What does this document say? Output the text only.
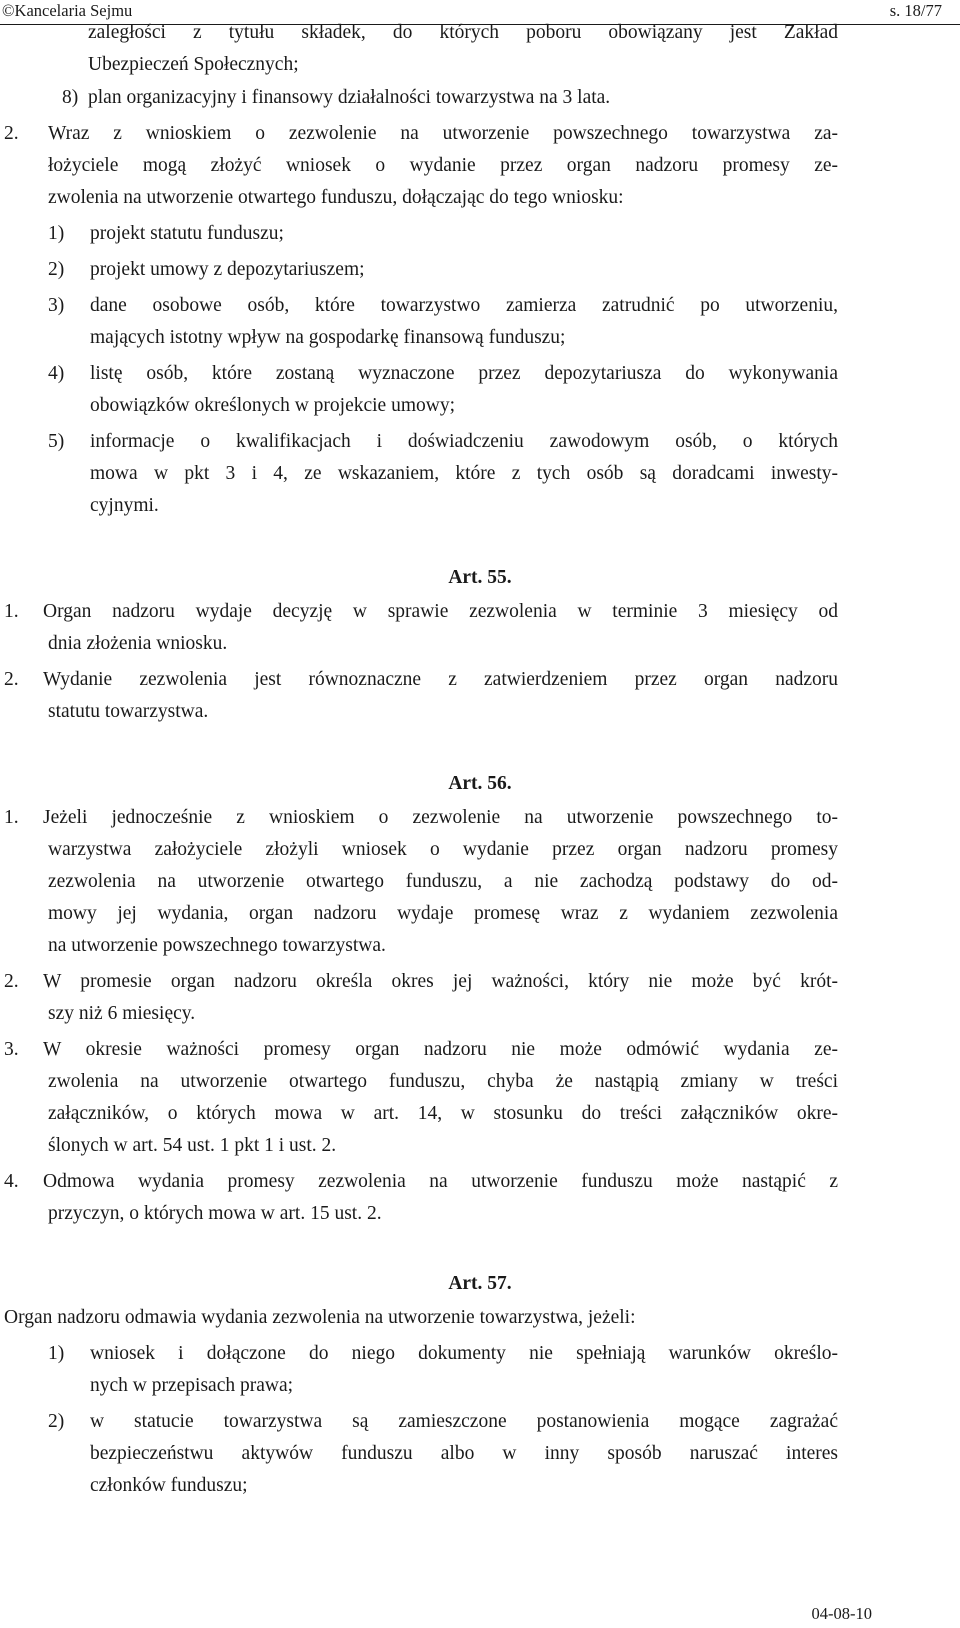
©Kancelaria Sejmu	s. 18/77
zaległości z tytułu składek, do których poboru obowiązany jest Zakład
Ubezpieczeń Społecznych;
8) plan organizacyjny i finansowy działalności towarzystwa na 3 lata.
2. Wraz z wnioskiem o zezwolenie na utworzenie powszechnego towarzystwa za-
łożyciele mogą złożyć wniosek o wydanie przez organ nadzoru promesy ze-
zwolenia na utworzenie otwartego funduszu, dołączając do tego wniosku:
1) projekt statutu funduszu;
2) projekt umowy z depozytariuszem;
3) dane osobowe osób, które towarzystwo zamierza zatrudnić po utworzeniu,
mających istotny wpływ na gospodarkę finansową funduszu;
4) listę osób, które zostaną wyznaczone przez depozytariusza do wykonywania
obowiązków określonych w projekcie umowy;
5) informacje o kwalifikacjach i doświadczeniu zawodowym osób, o których
mowa w pkt 3 i 4, ze wskazaniem, które z tych osób są doradcami inwesty-
cyjnymi.
Art. 55.
1. Organ nadzoru wydaje decyzję w sprawie zezwolenia w terminie 3 miesięcy od
dnia złożenia wniosku.
2. Wydanie zezwolenia jest równoznaczne z zatwierdzeniem przez organ nadzoru
statutu towarzystwa.
Art. 56.
1. Jeżeli jednocześnie z wnioskiem o zezwolenie na utworzenie powszechnego to-
warzystwa założyciele złożyli wniosek o wydanie przez organ nadzoru promesy
zezwolenia na utworzenie otwartego funduszu, a nie zachodzą podstawy do od-
mowy jej wydania, organ nadzoru wydaje promesę wraz z wydaniem zezwolenia
na utworzenie powszechnego towarzystwa.
2. W promesie organ nadzoru określa okres jej ważności, który nie może być krót-
szy niż 6 miesięcy.
3. W okresie ważności promesy organ nadzoru nie może odmówić wydania ze-
zwolenia na utworzenie otwartego funduszu, chyba że nastąpią zmiany w treści
załączników, o których mowa w art. 14, w stosunku do treści załączników okre-
ślonych w art. 54 ust. 1 pkt 1 i ust. 2.
4. Odmowa wydania promesy zezwolenia na utworzenie funduszu może nastąpić z
przyczyn, o których mowa w art. 15 ust. 2.
Art. 57.
Organ nadzoru odmawia wydania zezwolenia na utworzenie towarzystwa, jeżeli:
1) wniosek i dołączone do niego dokumenty nie spełniają warunków określo-
nych w przepisach prawa;
2) w statucie towarzystwa są zamieszczone postanowienia mogące zagrażać
bezpieczeństwu aktywów funduszu albo w inny sposób naruszać interes
członków funduszu;
04-08-10
